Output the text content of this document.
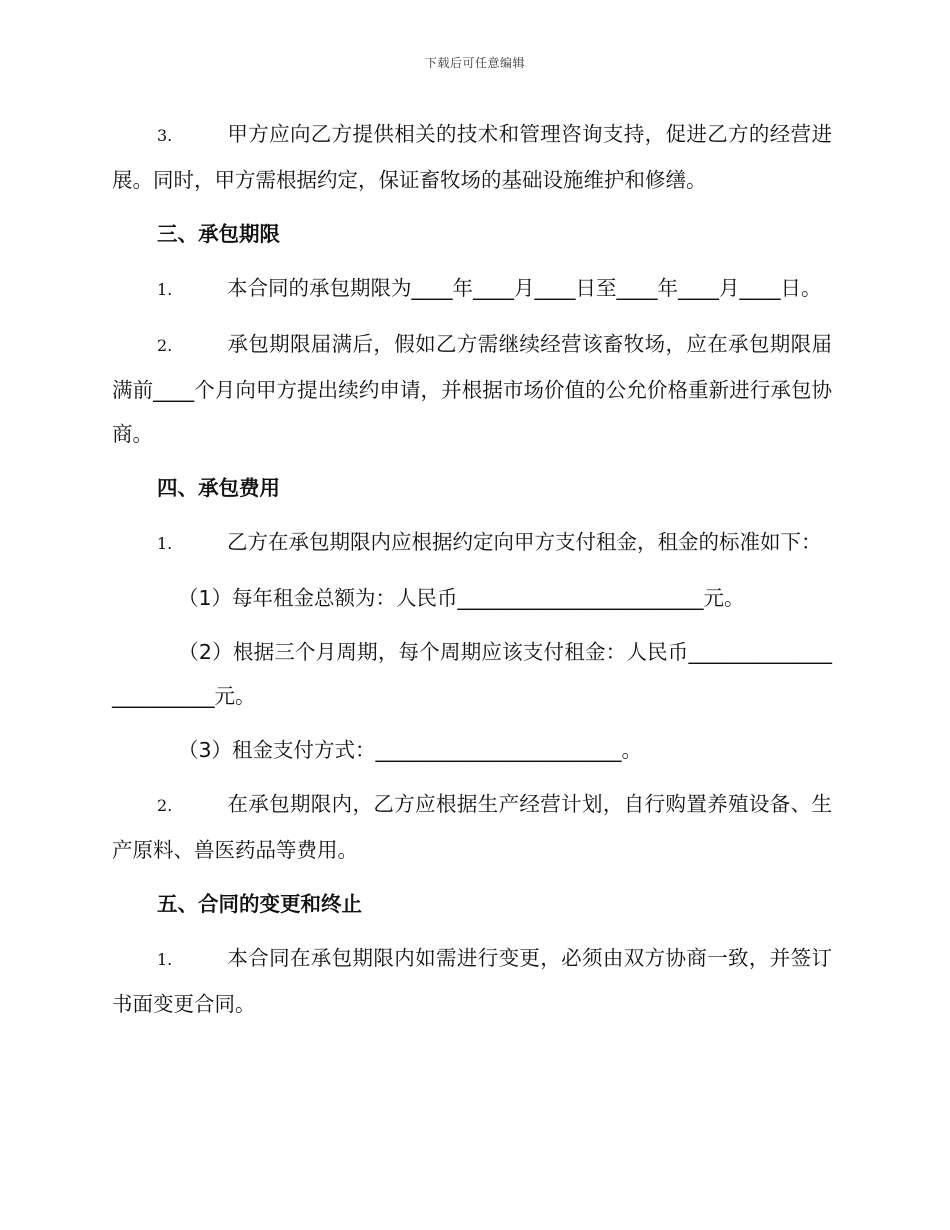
下载后可任意编辑

3.	甲方应向乙方提供相关的技术和管理咨询支持，促进乙方的经营进展。同时，甲方需根据约定，保证畜牧场的基础设施维护和修缮。

三、承包期限

1.	本合同的承包期限为____年____月____日至____年____月____日。

2.	承包期限届满后，假如乙方需继续经营该畜牧场，应在承包期限届满前____个月向甲方提出续约申请，并根据市场价值的公允价格重新进行承包协商。

四、承包费用

1.	乙方在承包期限内应根据约定向甲方支付租金，租金的标准如下：

（1）每年租金总额为：人民币________________________元。

（2）根据三个月周期，每个周期应该支付租金：人民币________________________元。

（3）租金支付方式：________________________。

2.	在承包期限内，乙方应根据生产经营计划，自行购置养殖设备、生产原料、兽医药品等费用。

五、合同的变更和终止

1.	本合同在承包期限内如需进行变更，必须由双方协商一致，并签订书面变更合同。
